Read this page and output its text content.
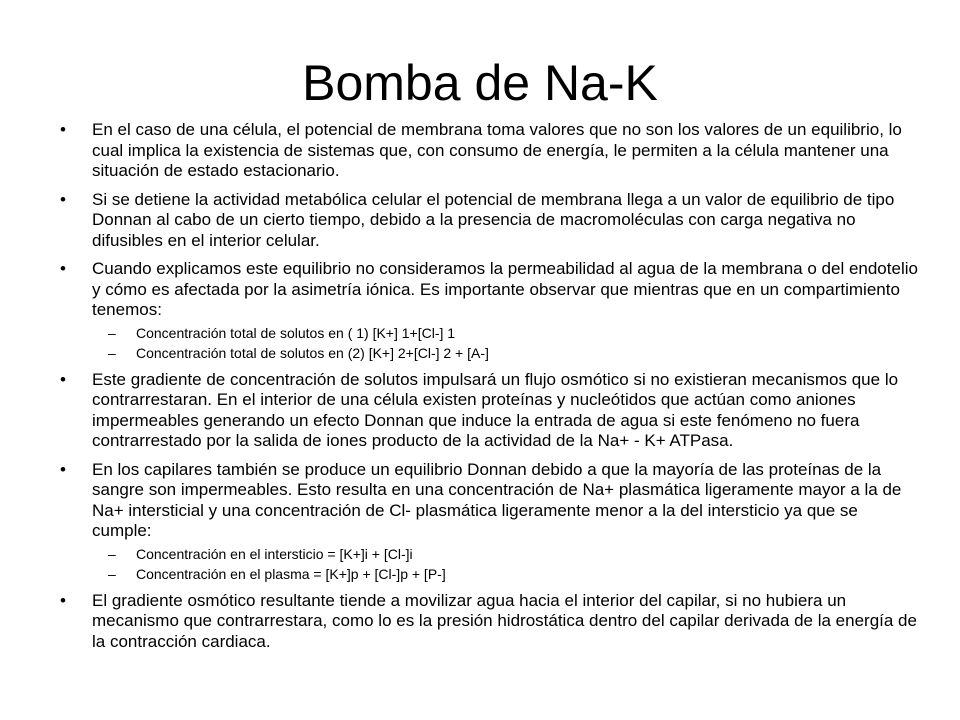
Bomba de Na-K
• En el caso de una célula, el potencial de membrana toma valores que no son los valores de un equilibrio, lo cual implica la existencia de sistemas que, con consumo de energía, le permiten a la célula mantener una situación de estado estacionario.
• Si se detiene la actividad metabólica celular el potencial de membrana llega a un valor de equilibrio de tipo Donnan al cabo de un cierto tiempo, debido a la presencia de macromoléculas con carga negativa no difusibles en el interior celular.
• Cuando explicamos este equilibrio no consideramos la permeabilidad al agua de la membrana o del endotelio y cómo es afectada por la asimetría iónica. Es importante observar que mientras que en un compartimiento tenemos:
– Concentración total de solutos en ( 1) [K+] 1+[Cl-] 1
– Concentración total de solutos en (2) [K+] 2+[Cl-] 2 + [A-]
• Este gradiente de concentración de solutos impulsará un flujo osmótico si no existieran mecanismos que lo contrarrestaran. En el interior de una célula existen proteínas y nucleótidos que actúan como aniones impermeables generando un efecto Donnan que induce la entrada de agua si este fenómeno no fuera contrarrestado por la salida de iones producto de la actividad de la Na+ - K+ ATPasa.
• En los capilares también se produce un equilibrio Donnan debido a que la mayoría de las proteínas de la sangre son impermeables. Esto resulta en una concentración de Na+ plasmática ligeramente mayor a la de Na+ intersticial y una concentración de Cl- plasmática ligeramente menor a la del intersticio ya que se cumple:
– Concentración en el intersticio = [K+]i + [Cl-]i
– Concentración en el plasma = [K+]p + [Cl-]p + [P-]
• El gradiente osmótico resultante tiende a movilizar agua hacia el interior del capilar, si no hubiera un mecanismo que contrarrestara, como lo es la presión hidrostática dentro del capilar derivada de la energía de la contracción cardiaca.
